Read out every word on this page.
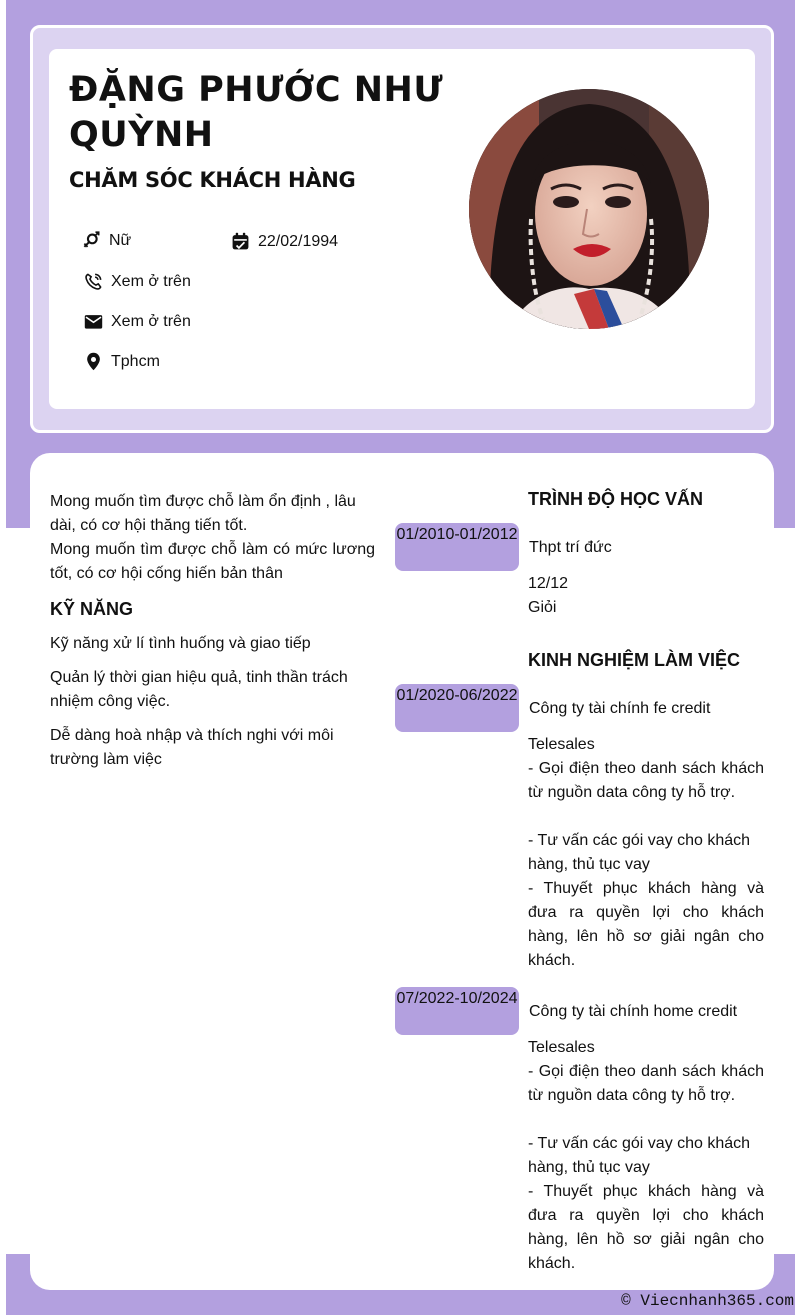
ĐẶNG PHƯỚC NHƯ QUỲNH
CHĂM SÓC KHÁCH HÀNG
Nữ	22/02/1994
Xem ở trên
Xem ở trên
Tphcm
Mong muốn tìm được chỗ làm ổn định , lâu dài, có cơ hội thăng tiến tốt.
Mong muốn tìm được chỗ làm có mức lương tốt, có cơ hội cống hiến bản thân
KỸ NĂNG
Kỹ năng xử lí tình huống và giao tiếp
Quản lý thời gian hiệu quả, tinh thần trách nhiệm công việc.
Dễ dàng hoà nhập và thích nghi với môi trường làm việc
TRÌNH ĐỘ HỌC VẤN
01/2010-01/2012
Thpt trí đức
12/12
Giỏi
KINH NGHIỆM LÀM VIỆC
01/2020-06/2022
Công ty tài chính fe credit
Telesales
- Gọi điện theo danh sách khách từ nguồn data công ty hỗ trợ.
- Tư vấn các gói vay cho khách hàng, thủ tục vay
- Thuyết phục khách hàng và đưa ra quyền lợi cho khách hàng, lên hồ sơ giải ngân cho khách.
07/2022-10/2024
Công ty tài chính home credit
Telesales
- Gọi điện theo danh sách khách từ nguồn data công ty hỗ trợ.
- Tư vấn các gói vay cho khách hàng, thủ tục vay
- Thuyết phục khách hàng và đưa ra quyền lợi cho khách hàng, lên hồ sơ giải ngân cho khách.
© Viecnhanh365.com
